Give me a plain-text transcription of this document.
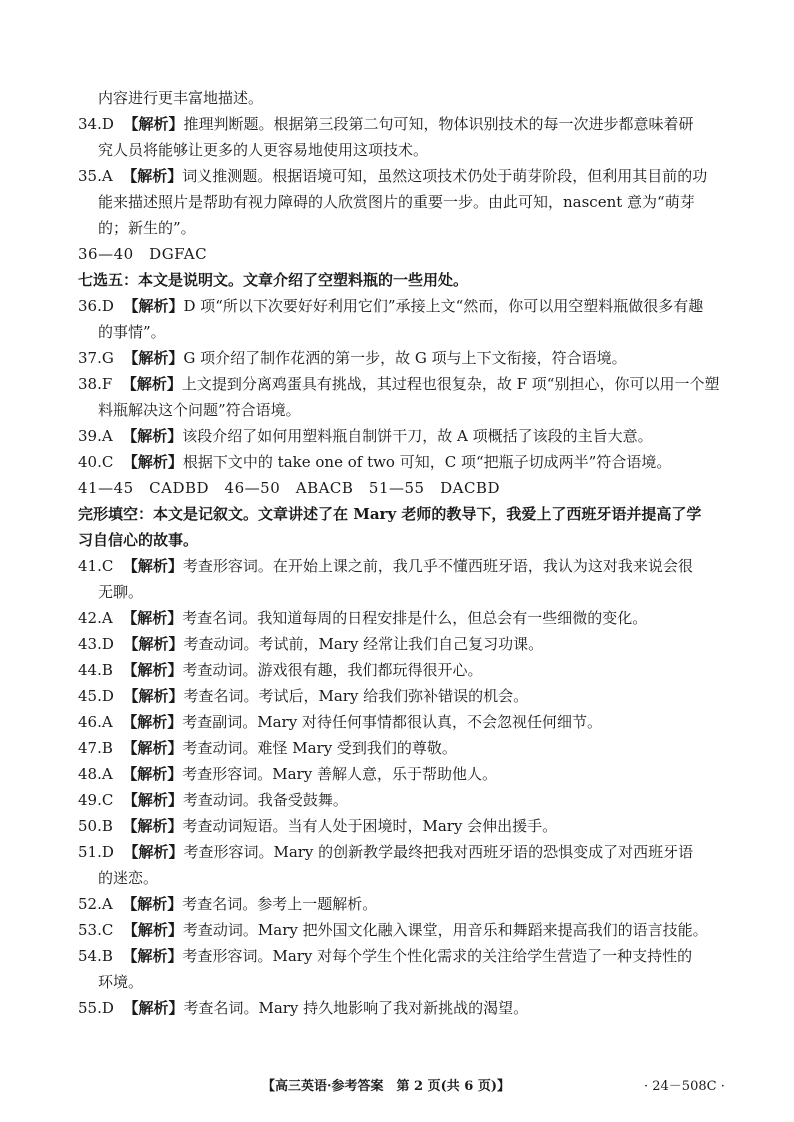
内容进行更丰富地描述。
34.D 【解析】推理判断题。根据第三段第二句可知，物体识别技术的每一次进步都意味着研
究人员将能够让更多的人更容易地使用这项技术。
35.A 【解析】词义推测题。根据语境可知，虽然这项技术仍处于萌芽阶段，但利用其目前的功
能来描述照片是帮助有视力障碍的人欣赏图片的重要一步。由此可知，nascent 意为“萌芽
的；新生的”。
36—40　DGFAC
七选五：本文是说明文。文章介绍了空塑料瓶的一些用处。
36.D 【解析】D 项“所以下次要好好利用它们”承接上文“然而，你可以用空塑料瓶做很多有趣
的事情”。
37.G 【解析】G 项介绍了制作花洒的第一步，故 G 项与上下文衔接，符合语境。
38.F 【解析】上文提到分离鸡蛋具有挑战，其过程也很复杂，故 F 项“别担心，你可以用一个塑
料瓶解决这个问题”符合语境。
39.A 【解析】该段介绍了如何用塑料瓶自制饼干刀，故 A 项概括了该段的主旨大意。
40.C 【解析】根据下文中的 take one of two 可知，C 项“把瓶子切成两半”符合语境。
41—45　CADBD　46—50　ABACB　51—55　DACBD
完形填空：本文是记叙文。文章讲述了在 Mary 老师的教导下，我爱上了西班牙语并提高了学
习自信心的故事。
41.C 【解析】考查形容词。在开始上课之前，我几乎不懂西班牙语，我认为这对我来说会很
无聊。
42.A 【解析】考查名词。我知道每周的日程安排是什么，但总会有一些细微的变化。
43.D 【解析】考查动词。考试前，Mary 经常让我们自己复习功课。
44.B 【解析】考查动词。游戏很有趣，我们都玩得很开心。
45.D 【解析】考查名词。考试后，Mary 给我们弥补错误的机会。
46.A 【解析】考查副词。Mary 对待任何事情都很认真，不会忽视任何细节。
47.B 【解析】考查动词。难怪 Mary 受到我们的尊敬。
48.A 【解析】考查形容词。Mary 善解人意，乐于帮助他人。
49.C 【解析】考查动词。我备受鼓舞。
50.B 【解析】考查动词短语。当有人处于困境时，Mary 会伸出援手。
51.D 【解析】考查形容词。Mary 的创新教学最终把我对西班牙语的恐惧变成了对西班牙语
的迷恋。
52.A 【解析】考查名词。参考上一题解析。
53.C 【解析】考查动词。Mary 把外国文化融入课堂，用音乐和舞蹈来提高我们的语言技能。
54.B 【解析】考查形容词。Mary 对每个学生个性化需求的关注给学生营造了一种支持性的
环境。
55.D 【解析】考查名词。Mary 持久地影响了我对新挑战的渴望。
【高三英语·参考答案　第 2 页(共 6 页)】	· 24－508C ·
